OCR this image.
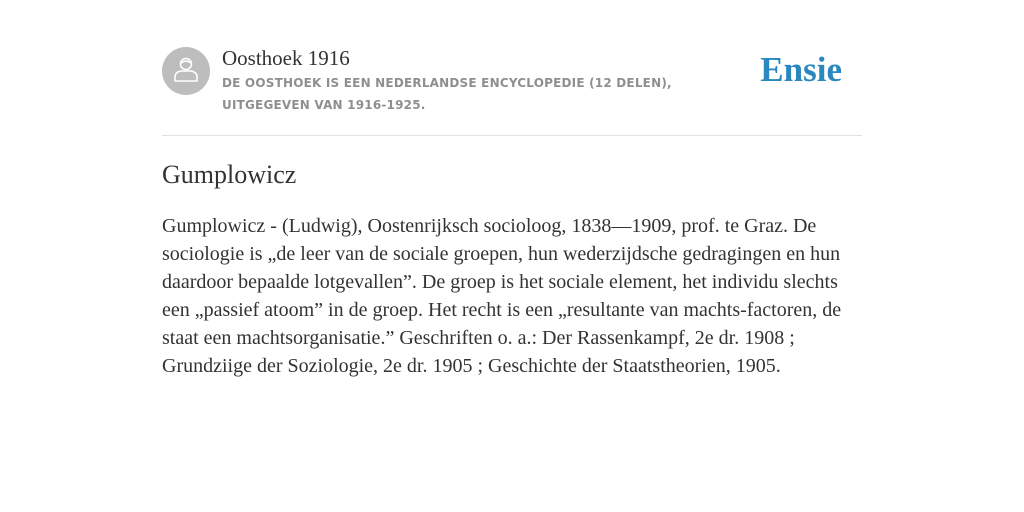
Oosthoek 1916

DE OOSTHOEK IS EEN NEDERLANDSE ENCYCLOPEDIE (12 DELEN), UITGEGEVEN VAN 1916-1925.
Ensie
Gumplowicz

Gumplowicz - (Ludwig), Oostenrijksch socioloog, 1838—1909, prof. te Graz. De sociologie is „de leer van de sociale groepen, hun wederzijdsche gedragingen en hun daardoor bepaalde lotgevallen”. De groep is het sociale element, het individu slechts een „passief atoom” in de groep. Het recht is een „resultante van machts-factoren, de staat een machtsorganisatie.” Geschriften o. a.: Der Rassenkampf, 2e dr. 1908 ; Grundziige der Soziologie, 2e dr. 1905 ; Geschichte der Staatstheorien, 1905.
